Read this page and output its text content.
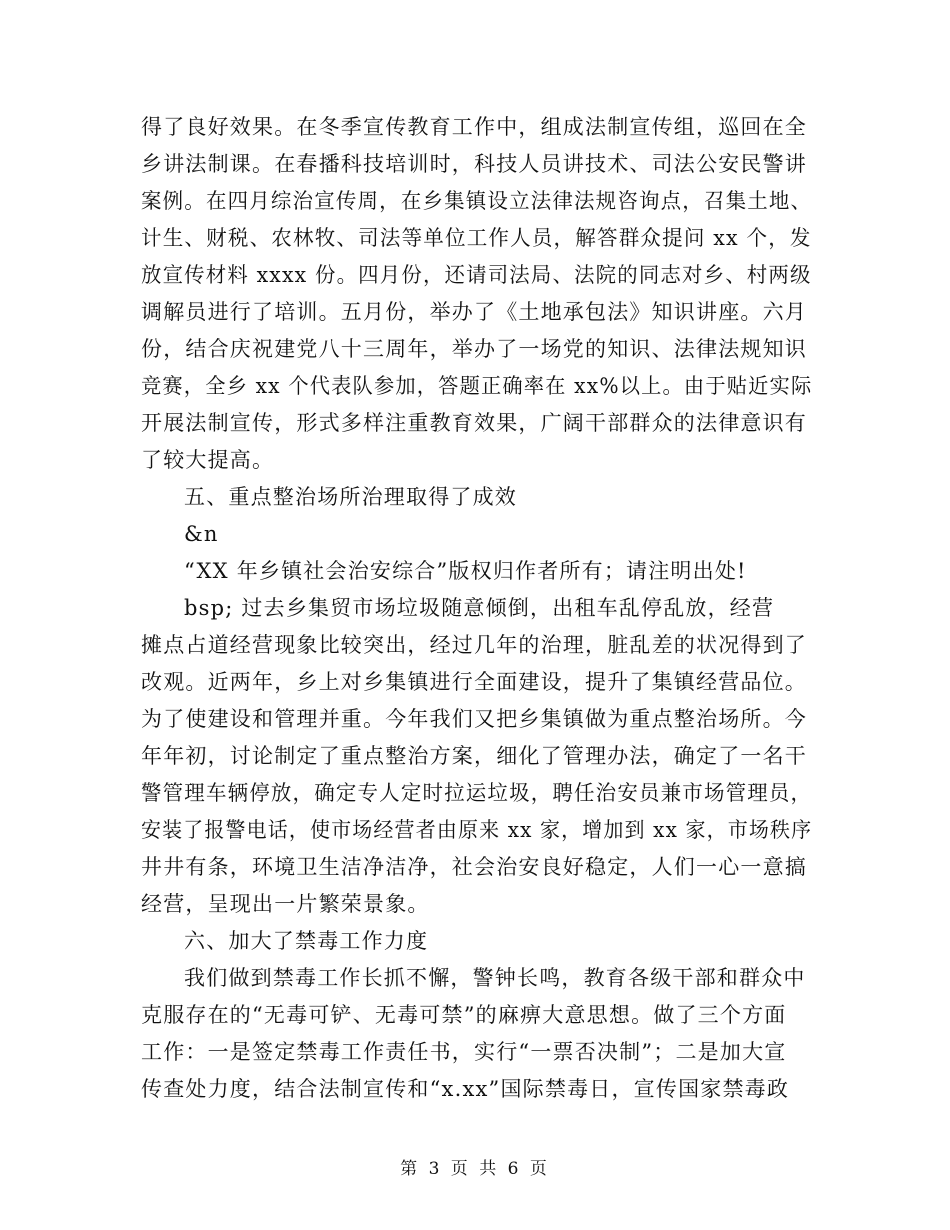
得了良好效果。在冬季宣传教育工作中，组成法制宣传组，巡回在全
乡讲法制课。在春播科技培训时，科技人员讲技术、司法公安民警讲
案例。在四月综治宣传周，在乡集镇设立法律法规咨询点，召集土地、
计生、财税、农林牧、司法等单位工作人员，解答群众提问 xx 个，发
放宣传材料 xxxx 份。四月份，还请司法局、法院的同志对乡、村两级
调解员进行了培训。五月份，举办了《土地承包法》知识讲座。六月
份，结合庆祝建党八十三周年，举办了一场党的知识、法律法规知识
竞赛，全乡 xx 个代表队参加，答题正确率在 xx%以上。由于贴近实际
开展法制宣传，形式多样注重教育效果，广阔干部群众的法律意识有
了较大提高。
五、重点整治场所治理取得了成效
&n
“XX 年乡镇社会治安综合”版权归作者所有；请注明出处!
bsp; 过去乡集贸市场垃圾随意倾倒，出租车乱停乱放，经营
摊点占道经营现象比较突出，经过几年的治理，脏乱差的状况得到了
改观。近两年，乡上对乡集镇进行全面建设，提升了集镇经营品位。
为了使建设和管理并重。今年我们又把乡集镇做为重点整治场所。今
年年初，讨论制定了重点整治方案，细化了管理办法，确定了一名干
警管理车辆停放，确定专人定时拉运垃圾，聘任治安员兼市场管理员，
安装了报警电话，使市场经营者由原来 xx 家，增加到 xx 家，市场秩序
井井有条，环境卫生洁净洁净，社会治安良好稳定，人们一心一意搞
经营，呈现出一片繁荣景象。
六、加大了禁毒工作力度
我们做到禁毒工作长抓不懈，警钟长鸣，教育各级干部和群众中
克服存在的“无毒可铲、无毒可禁”的麻痹大意思想。做了三个方面
工作：一是签定禁毒工作责任书，实行“一票否决制”；二是加大宣
传查处力度，结合法制宣传和“x.xx”国际禁毒日，宣传国家禁毒政
第 3 页 共 6 页
